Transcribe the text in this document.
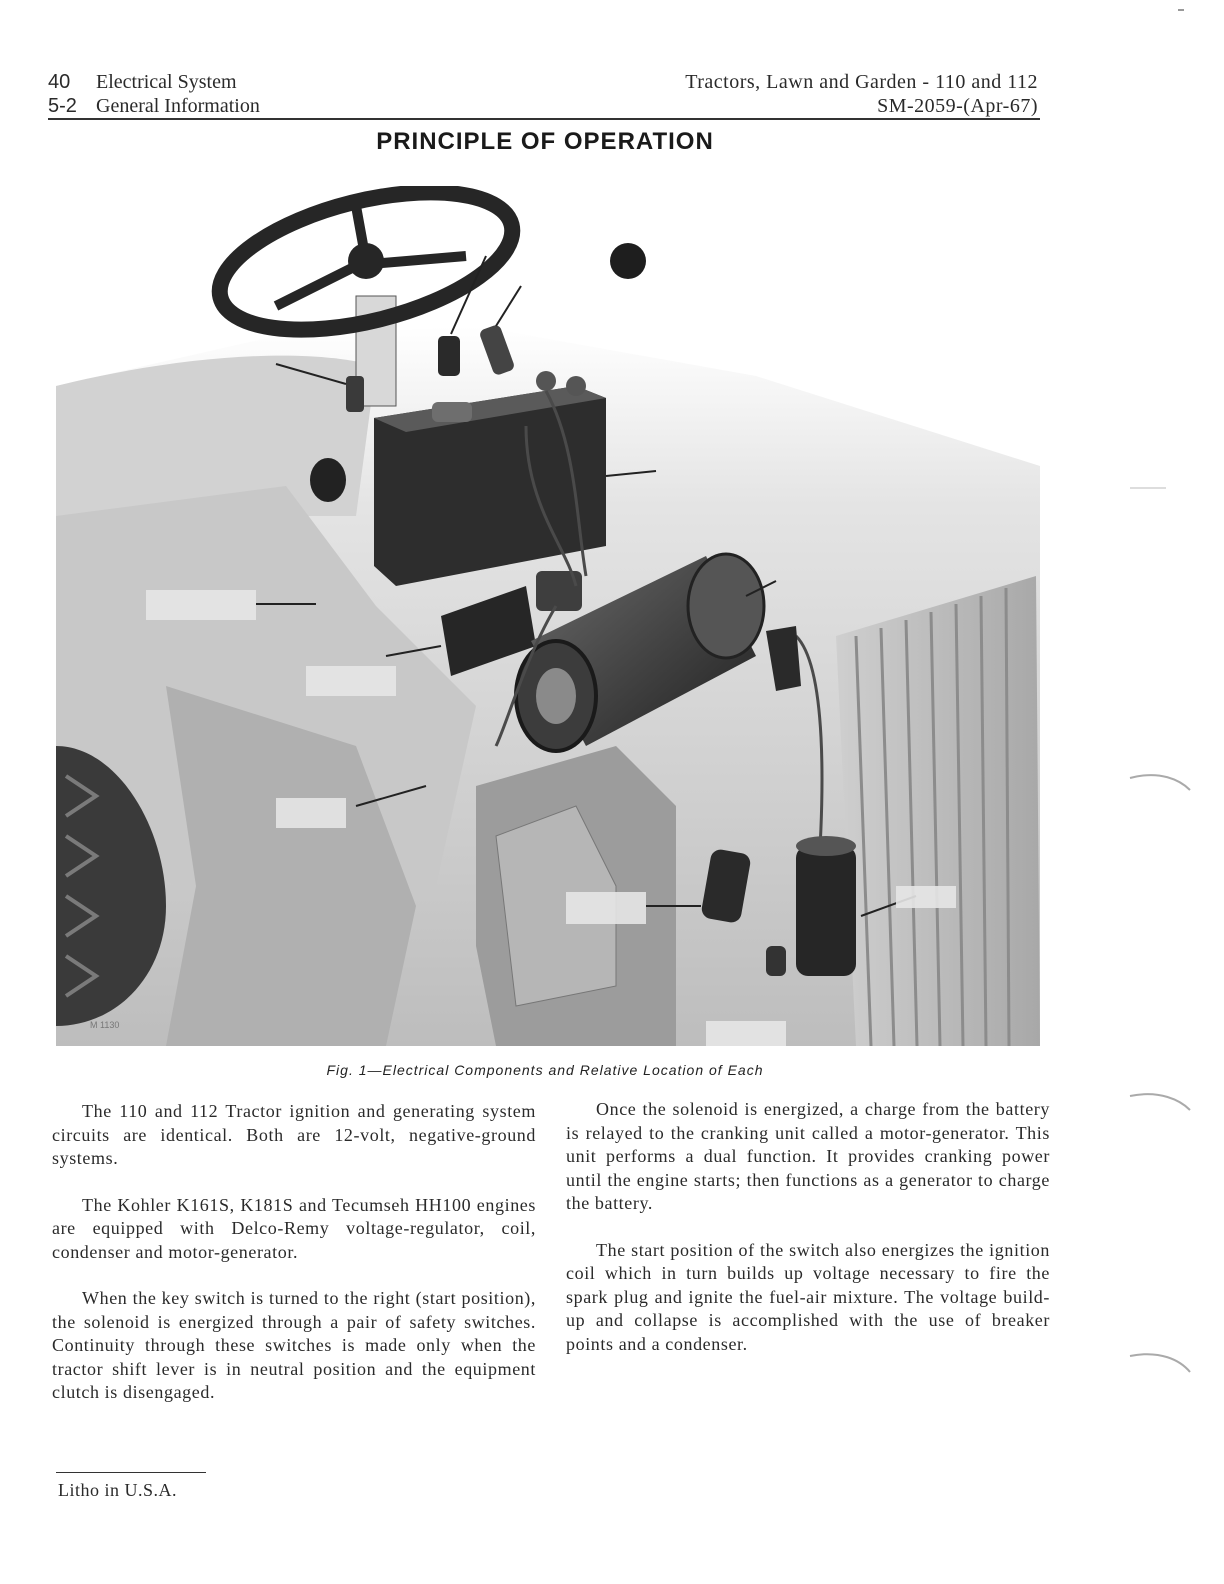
40 Electrical System
5-2 General Information
Tractors, Lawn and Garden - 110 and 112
SM-2059-(Apr-67)
PRINCIPLE OF OPERATION
M 1130
Fig. 1—Electrical Components and Relative Location of Each

The 110 and 112 Tractor ignition and generating system circuits are identical. Both are 12-volt, negative-ground systems.

The Kohler K161S, K181S and Tecumseh HH100 engines are equipped with Delco-Remy voltage-regulator, coil, condenser and motor-generator.

When the key switch is turned to the right (start position), the solenoid is energized through a pair of safety switches. Continuity through these switches is made only when the tractor shift lever is in neutral position and the equipment clutch is disengaged.

Once the solenoid is energized, a charge from the battery is relayed to the cranking unit called a motor-generator. This unit performs a dual function. It provides cranking power until the engine starts; then functions as a generator to charge the battery.

The start position of the switch also energizes the ignition coil which in turn builds up voltage necessary to fire the spark plug and ignite the fuel-air mixture. The voltage build-up and collapse is accomplished with the use of breaker points and a condenser.

Litho in U.S.A.
